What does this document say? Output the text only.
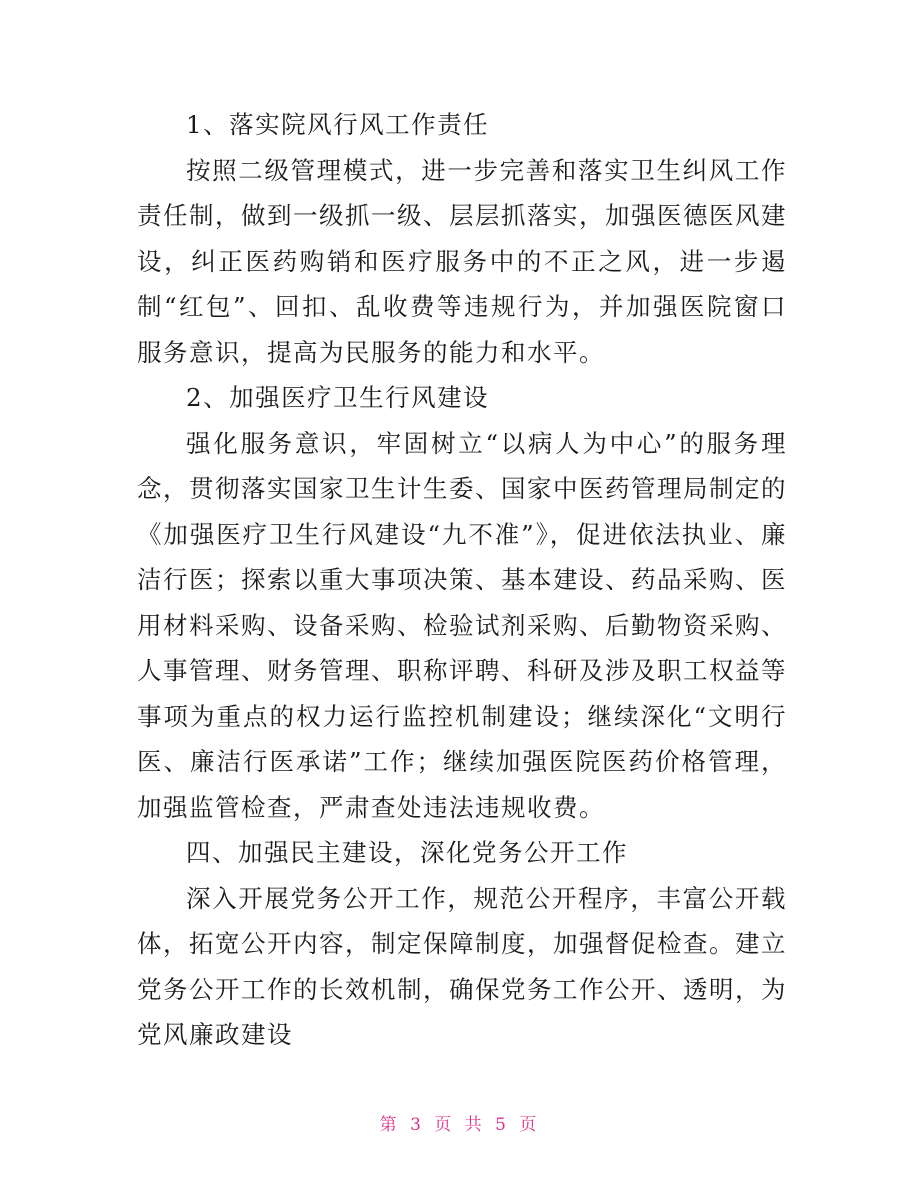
1、落实院风行风工作责任

按照二级管理模式，进一步完善和落实卫生纠风工作责任制，做到一级抓一级、层层抓落实，加强医德医风建设，纠正医药购销和医疗服务中的不正之风，进一步遏制“红包”、回扣、乱收费等违规行为，并加强医院窗口服务意识，提高为民服务的能力和水平。

2、加强医疗卫生行风建设

强化服务意识，牢固树立“以病人为中心”的服务理念，贯彻落实国家卫生计生委、国家中医药管理局制定的《加强医疗卫生行风建设“九不准”》，促进依法执业、廉洁行医；探索以重大事项决策、基本建设、药品采购、医用材料采购、设备采购、检验试剂采购、后勤物资采购、人事管理、财务管理、职称评聘、科研及涉及职工权益等事项为重点的权力运行监控机制建设；继续深化“文明行医、廉洁行医承诺”工作；继续加强医院医药价格管理，加强监管检查，严肃查处违法违规收费。

四、加强民主建设，深化党务公开工作

深入开展党务公开工作，规范公开程序，丰富公开载体，拓宽公开内容，制定保障制度，加强督促检查。建立党务公开工作的长效机制，确保党务工作公开、透明，为党风廉政建设

第 3 页 共 5 页
